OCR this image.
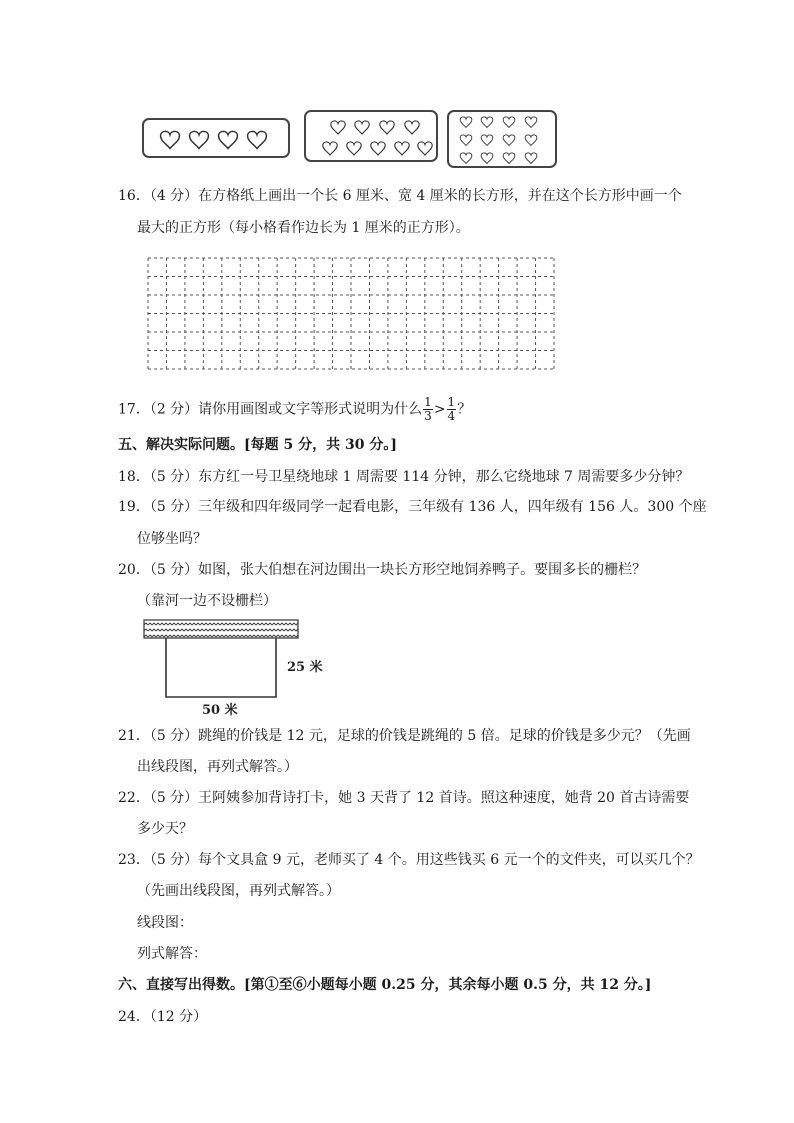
16．（4 分）在方格纸上画出一个长 6 厘米、宽 4 厘米的长方形，并在这个长方形中画一个
最大的正方形（每小格看作边长为 1 厘米的正方形）。
17．（2 分）请你用画图或文字等形式说明为什么 $\frac{1}{3} > \frac{1}{4}$ ？
五、解决实际问题。[每题 5 分，共 30 分。]
18．（5 分）东方红一号卫星绕地球 1 周需要 114 分钟，那么它绕地球 7 周需要多少分钟？
19．（5 分）三年级和四年级同学一起看电影，三年级有 136 人，四年级有 156 人。300 个座
位够坐吗？
20．（5 分）如图，张大伯想在河边围出一块长方形空地饲养鸭子。要围多长的栅栏？
（靠河一边不设栅栏）
25 米
50 米
21．（5 分）跳绳的价钱是 12 元，足球的价钱是跳绳的 5 倍。足球的价钱是多少元？（先画
出线段图，再列式解答。）
22．（5 分）王阿姨参加背诗打卡，她 3 天背了 12 首诗。照这种速度，她背 20 首古诗需要
多少天？
23．（5 分）每个文具盒 9 元，老师买了 4 个。用这些钱买 6 元一个的文件夹，可以买几个？
（先画出线段图，再列式解答。）
线段图：
列式解答：
六、直接写出得数。[第①至⑥小题每小题 0.25 分，其余每小题 0.5 分，共 12 分。]
24．（12 分）
